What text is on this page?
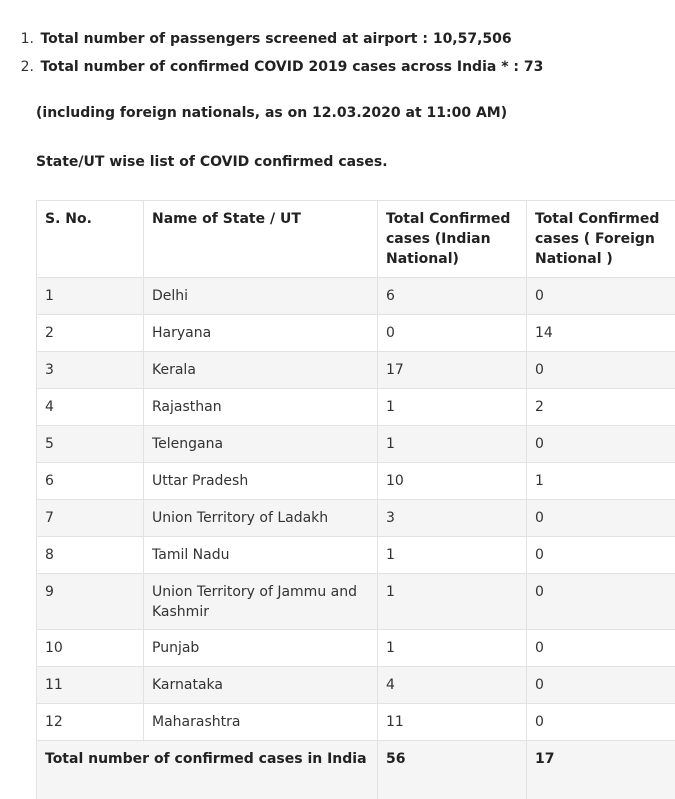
1. Total number of passengers screened at airport : 10,57,506
2. Total number of confirmed COVID 2019 cases across India * : 73
(including foreign nationals, as on 12.03.2020 at 11:00 AM)
State/UT wise list of COVID confirmed cases.
S. No.	Name of State / UT	Total Confirmed cases (Indian National)	Total Confirmed cases ( Foreign National )
1	Delhi	6	0
2	Haryana	0	14
3	Kerala	17	0
4	Rajasthan	1	2
5	Telengana	1	0
6	Uttar Pradesh	10	1
7	Union Territory of Ladakh	3	0
8	Tamil Nadu	1	0
9	Union Territory of Jammu and Kashmir	1	0
10	Punjab	1	0
11	Karnataka	4	0
12	Maharashtra	11	0
Total number of confirmed cases in India		56	17
